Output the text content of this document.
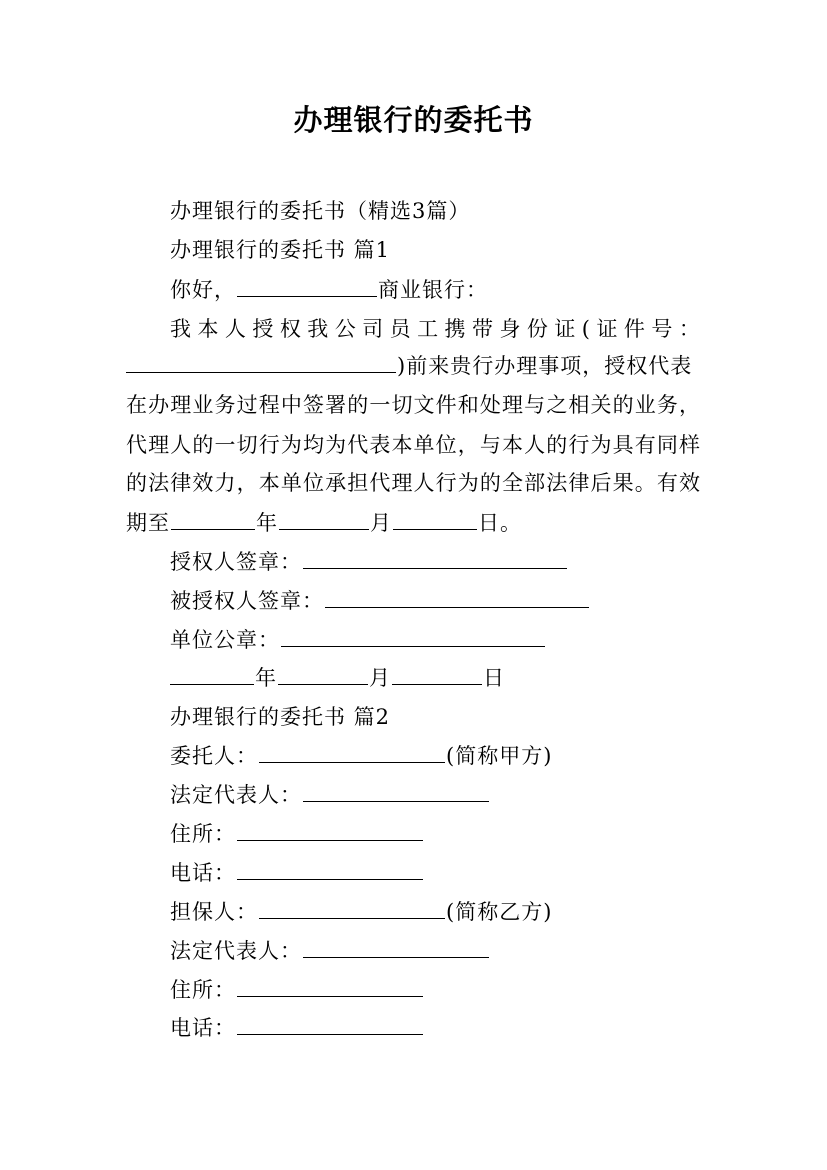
办理银行的委托书
办理银行的委托书（精选3篇）
办理银行的委托书 篇1
你好，	商业银行：
我 本 人 授 权 我 公 司 员 工 携 带 身 份 证 ( 证 件 号 ：
)前来贵行办理事项，授权代表
在办理业务过程中签署的一切文件和处理与之相关的业务，
代理人的一切行为均为代表本单位，与本人的行为具有同样
的法律效力，本单位承担代理人行为的全部法律后果。有效
期至	年	月	日。
授权人签章：
被授权人签章：
单位公章：
年	月	日
办理银行的委托书 篇2
委托人：	(简称甲方)
法定代表人：
住所：
电话：
担保人：	(简称乙方)
法定代表人：
住所：
电话：
